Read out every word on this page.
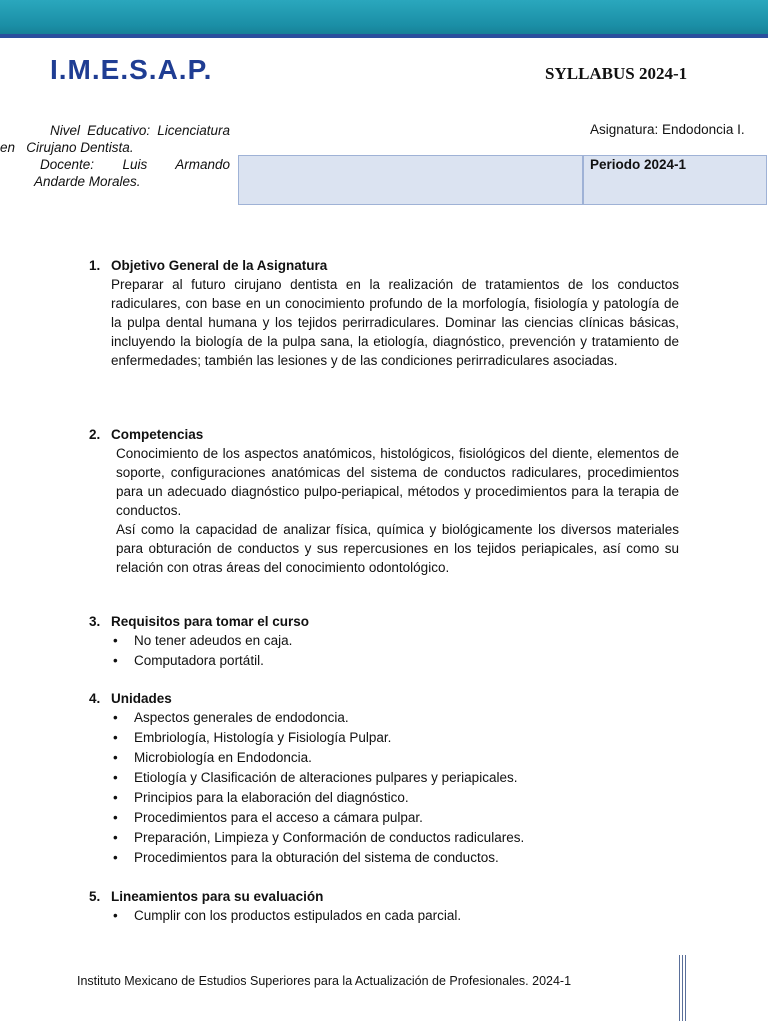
I.M.E.S.A.P.	SYLLABUS 2024-1
Nivel Educativo: Licenciatura
en   Cirujano Dentista.
Docente: Luis Armando
Andarde Morales.
Asignatura: Endodoncia I.
Periodo 2024-1
1. Objetivo General de la Asignatura
Preparar al futuro cirujano dentista en la realización de tratamientos de los conductos radiculares, con base en un conocimiento profundo de la morfología, fisiología y patología de la pulpa dental humana y los tejidos perirradiculares. Dominar las ciencias clínicas básicas, incluyendo la biología de la pulpa sana, la etiología, diagnóstico, prevención y tratamiento de enfermedades; también las lesiones y de las condiciones perirradiculares asociadas.
2. Competencias
Conocimiento de los aspectos anatómicos, histológicos, fisiológicos del diente, elementos de soporte, configuraciones anatómicas del sistema de conductos radiculares, procedimientos para un adecuado diagnóstico pulpo-periapical, métodos y procedimientos para la terapia de conductos.
Así como la capacidad de analizar física, química y biológicamente los diversos materiales para obturación de conductos y sus repercusiones en los tejidos periapicales, así como su relación con otras áreas del conocimiento odontológico.
3. Requisitos para tomar el curso
• No tener adeudos en caja.
• Computadora portátil.
4. Unidades
• Aspectos generales de endodoncia.
• Embriología, Histología y Fisiología Pulpar.
• Microbiología en Endodoncia.
• Etiología y Clasificación de alteraciones pulpares y periapicales.
• Principios para la elaboración del diagnóstico.
• Procedimientos para el acceso a cámara pulpar.
• Preparación, Limpieza y Conformación de conductos radiculares.
• Procedimientos para la obturación del sistema de conductos.
5. Lineamientos para su evaluación
• Cumplir con los productos estipulados en cada parcial.
Instituto Mexicano de Estudios Superiores para la Actualización de Profesionales. 2024-1
